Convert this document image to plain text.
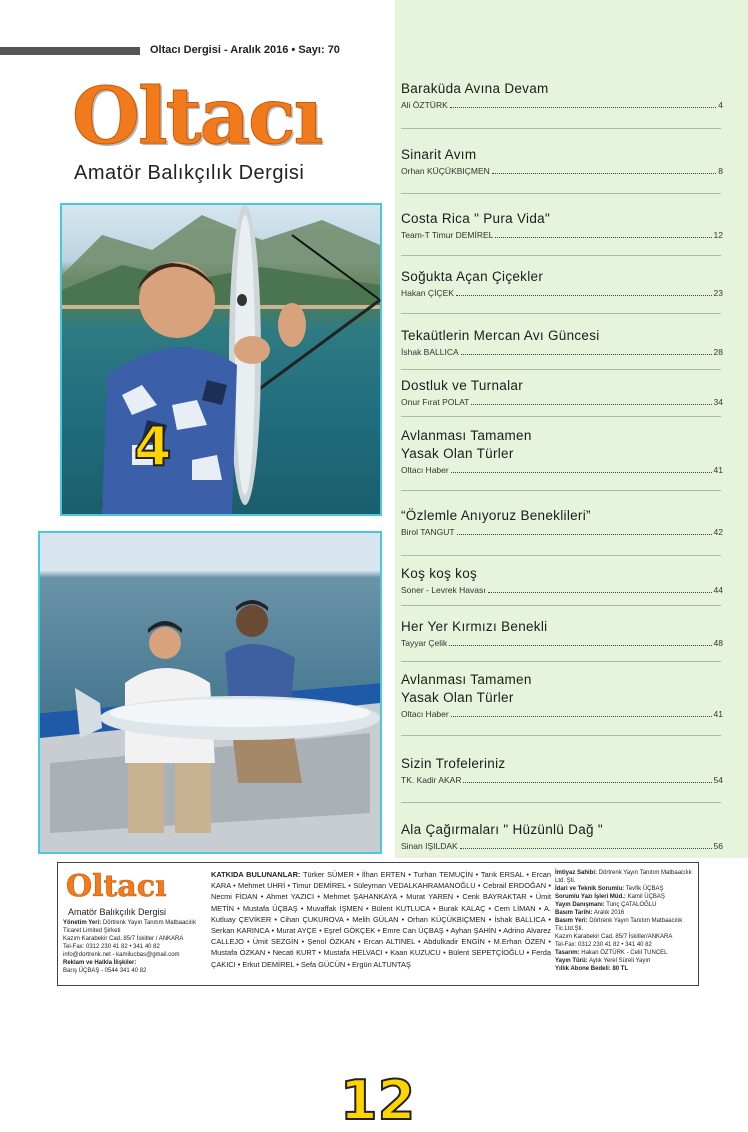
Oltacı Dergisi - Aralık 2016 • Sayı: 70
Oltacı
Amatör Balıkçılık Dergisi
4
12
Baraküda Avına Devam
Ali ÖZTÜRK	4
Sinarit Avım
Orhan KÜÇÜKBIÇMEN	8
Costa Rica " Pura Vida"
Team-T Timur DEMİREL	12
Soğukta Açan Çiçekler
Hakan ÇİÇEK	23
Tekaütlerin Mercan Avı Güncesi
İshak BALLICA	28
Dostluk ve Turnalar
Onur Fırat POLAT	34
Avlanması Tamamen
Yasak Olan Türler
Oltacı Haber	41
“Özlemle Anıyoruz Beneklileri”
Birol TANGUT	42
Koş koş koş
Soner - Levrek Havası	44
Her Yer Kırmızı Benekli
Tayyar Çelik	48
Avlanması Tamamen
Yasak Olan Türler
Oltacı Haber	41
Sizin Trofeleriniz
TK. Kadir AKAR	54
Ala Çağırmaları " Hüzünlü Dağ "
Sinan IŞILDAK	56
Oltacı
Amatör Balıkçılık Dergisi
Yönetim Yeri: Dörtrenk Yayın Tanıtım Matbaacılık Ticaret Limited Şirketi
Kazım Karabekir Cad. 85/7 İskitler / ANKARA
Tel-Fax: 0312 230 41 82 • 341 40 82
info@dortrenk.net - kamilucbas@gmail.com
Reklam ve Halkla İlişkiler:
Barış ÜÇBAŞ - 0544 341 40 82
KATKIDA BULUNANLAR: Türker SÜMER • İlhan ERTEN • Turhan TEMUÇİN • Tarık ERSAL • Ercan KARA • Mehmet UHRİ • Timur DEMİREL • Süleyman VEDALKAHRAMANOĞLU • Cebrail ERDOĞAN • Necmi FİDAN • Ahmet YAZICI • Mehmet ŞAHANKAYA • Murat YAREN • Cenk BAYRAKTAR • Ümit METİN • Mustafa ÜÇBAŞ • Muvaffak İŞMEN • Bülent KUTLUCA • Burak KALAÇ • Cem LİMAN • A. Kutluay ÇEVİKER • Cihan ÇUKUROVA • Melih GÜLAN • Orhan KÜÇÜKBIÇMEN • İshak BALLICA • Serkan KARINCA • Murat AYÇE • Eşref GÖKÇEK • Emre Can ÜÇBAŞ • Ayhan ŞAHİN • Adrino Alvarez CALLEJO • Ümit SEZGİN • Şenol ÖZKAN • Ercan ALTINEL • Abdulkadir ENGİN • M.Erhan ÖZEN • Mustafa ÖZKAN • Necati KURT • Mustafa HELVACI • Kaan KUZUCU • Bülent SEPETÇİOĞLU • Ferda ÇAKICI • Erkut DEMİREL • Sefa GÜCÜN • Ergün ALTUNTAŞ
İmtiyaz Sahibi: Dörtrenk Yayın Tanıtım Matbaacılık Ltd. Şti.
İdari ve Teknik Sorumlu: Tevfik ÜÇBAŞ
Sorumlu Yazı İşleri Müd.: Kamil ÜÇBAŞ
Yayın Danışmanı: Tunç ÇATALOĞLU
Basım Tarihi: Aralık 2016
Basım Yeri: Dörtrenk Yayın Tanıtım Matbaacılık Tic.Ltd.Şti.
Kazım Karabekir Cad. 85/7 İskitler/ANKARA
Tel-Fax: 0312 230 41 82 • 341 40 82
Tasarım: Hakan ÖZTÜRK - Celil TUNCEL
Yayın Türü: Aylık Yerel Süreli Yayın
Yıllık Abone Bedeli: 80 TL
